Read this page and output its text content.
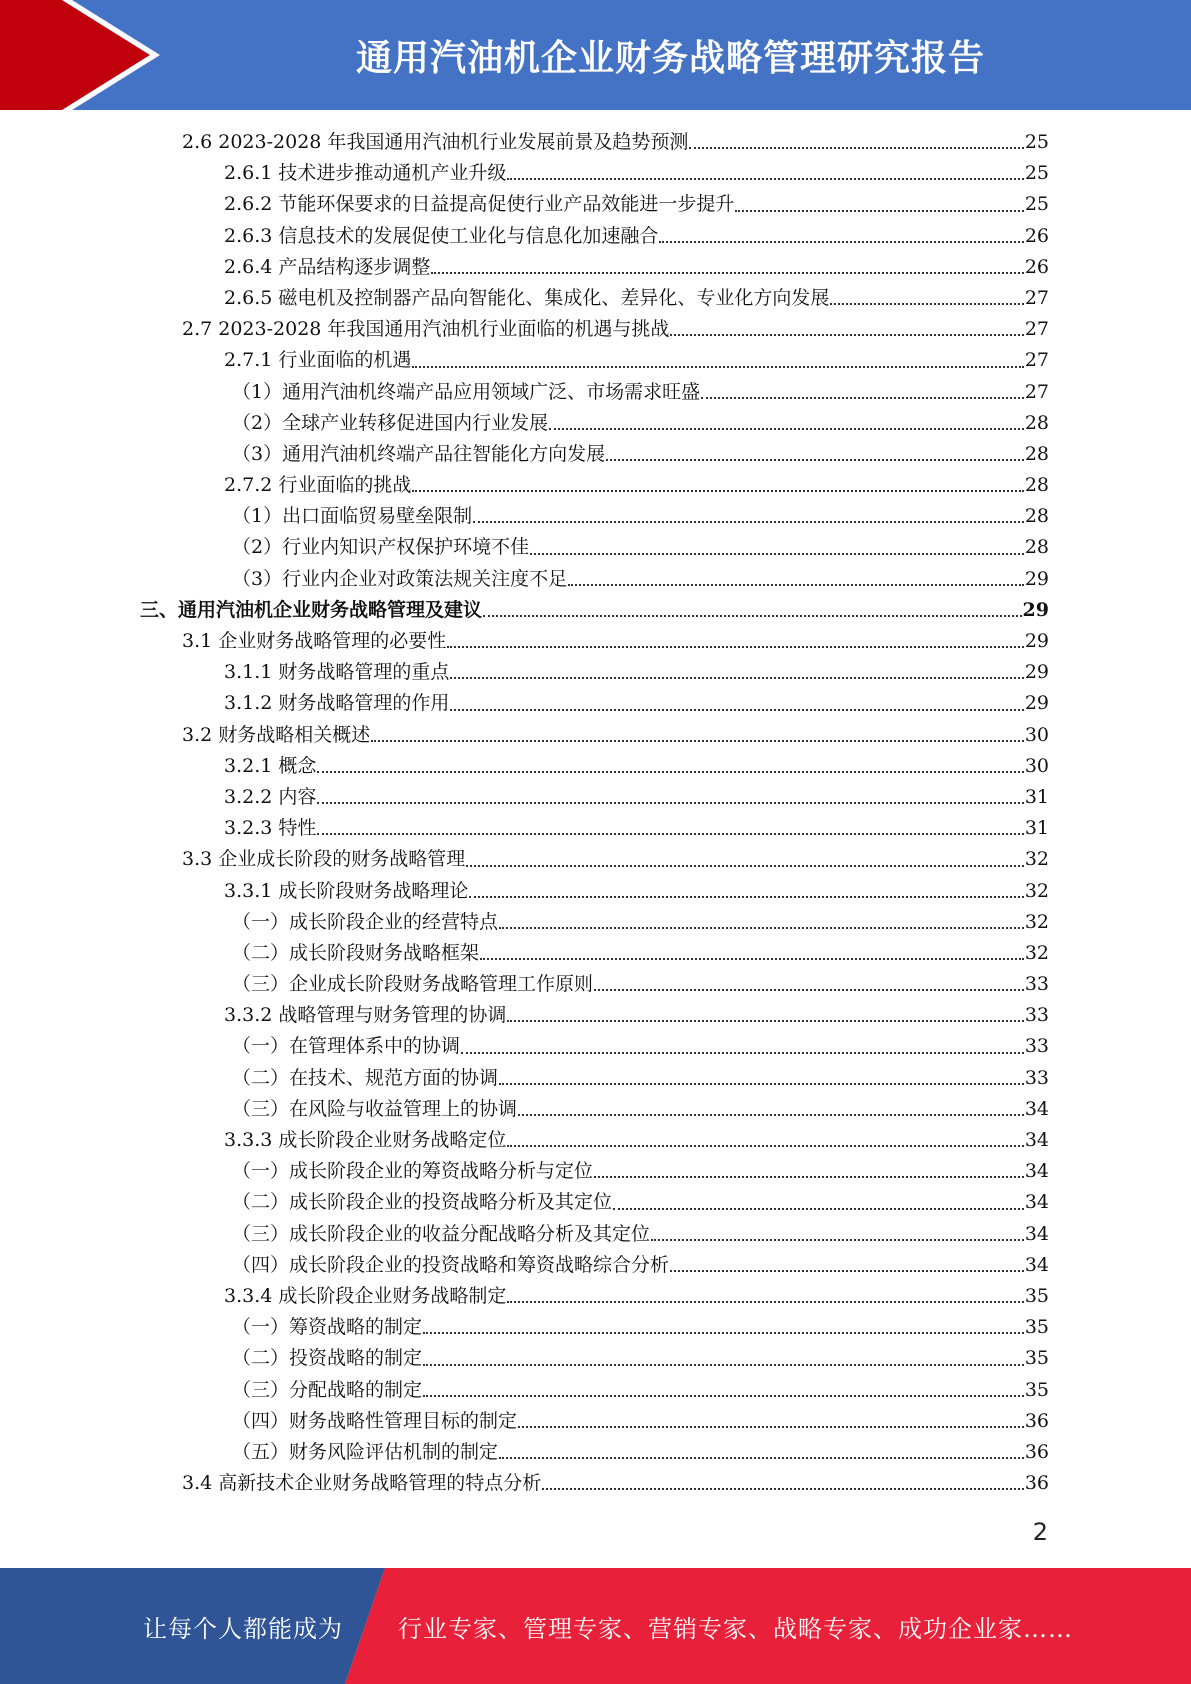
通用汽油机企业财务战略管理研究报告
2.6 2023-2028 年我国通用汽油机行业发展前景及趋势预测	25
2.6.1 技术进步推动通机产业升级	25
2.6.2 节能环保要求的日益提高促使行业产品效能进一步提升	25
2.6.3 信息技术的发展促使工业化与信息化加速融合	26
2.6.4 产品结构逐步调整	26
2.6.5 磁电机及控制器产品向智能化、集成化、差异化、专业化方向发展	27
2.7 2023-2028 年我国通用汽油机行业面临的机遇与挑战	27
2.7.1 行业面临的机遇	27
（1）通用汽油机终端产品应用领域广泛、市场需求旺盛	27
（2）全球产业转移促进国内行业发展	28
（3）通用汽油机终端产品往智能化方向发展	28
2.7.2 行业面临的挑战	28
（1）出口面临贸易壁垒限制	28
（2）行业内知识产权保护环境不佳	28
（3）行业内企业对政策法规关注度不足	29
三、通用汽油机企业财务战略管理及建议	29
3.1 企业财务战略管理的必要性	29
3.1.1 财务战略管理的重点	29
3.1.2 财务战略管理的作用	29
3.2 财务战略相关概述	30
3.2.1 概念	30
3.2.2 内容	31
3.2.3 特性	31
3.3 企业成长阶段的财务战略管理	32
3.3.1 成长阶段财务战略理论	32
（一）成长阶段企业的经营特点	32
（二）成长阶段财务战略框架	32
（三）企业成长阶段财务战略管理工作原则	33
3.3.2 战略管理与财务管理的协调	33
（一）在管理体系中的协调	33
（二）在技术、规范方面的协调	33
（三）在风险与收益管理上的协调	34
3.3.3 成长阶段企业财务战略定位	34
（一）成长阶段企业的筹资战略分析与定位	34
（二）成长阶段企业的投资战略分析及其定位	34
（三）成长阶段企业的收益分配战略分析及其定位	34
（四）成长阶段企业的投资战略和筹资战略综合分析	34
3.3.4 成长阶段企业财务战略制定	35
（一）筹资战略的制定	35
（二）投资战略的制定	35
（三）分配战略的制定	35
（四）财务战略性管理目标的制定	36
（五）财务风险评估机制的制定	36
3.4 高新技术企业财务战略管理的特点分析	36
2
让每个人都能成为	行业专家、管理专家、营销专家、战略专家、成功企业家……
